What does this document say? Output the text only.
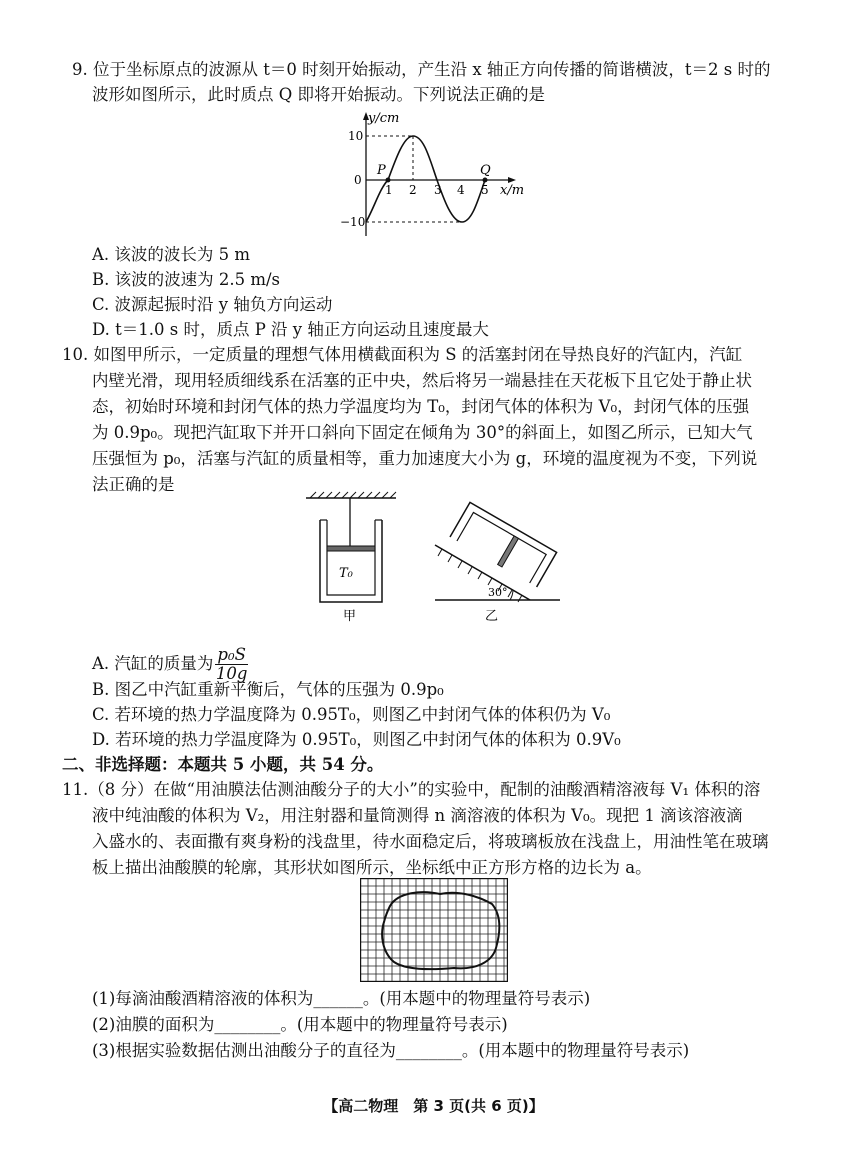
9. 位于坐标原点的波源从 t＝0 时刻开始振动，产生沿 x 轴正方向传播的简谐横波，t＝2 s 时的
波形如图所示，此时质点 Q 即将开始振动。下列说法正确的是
y/cm
x/m
10
0
−10
1 2 3 4 5
P	Q
A. 该波的波长为 5 m
B. 该波的波速为 2.5 m/s
C. 波源起振时沿 y 轴负方向运动
D. t＝1.0 s 时，质点 P 沿 y 轴正方向运动且速度最大
10. 如图甲所示，一定质量的理想气体用横截面积为 S 的活塞封闭在导热良好的汽缸内，汽缸
内壁光滑，现用轻质细线系在活塞的正中央，然后将另一端悬挂在天花板下且它处于静止状
态，初始时环境和封闭气体的热力学温度均为 T₀，封闭气体的体积为 V₀，封闭气体的压强
为 0.9p₀。现把汽缸取下并开口斜向下固定在倾角为 30°的斜面上，如图乙所示，已知大气
压强恒为 p₀，活塞与汽缸的质量相等，重力加速度大小为 g，环境的温度视为不变，下列说
法正确的是
T₀
甲
30°
乙
A. 汽缸的质量为 $\frac{\text{p₀S}}{10g}$
B. 图乙中汽缸重新平衡后，气体的压强为 0.9p₀
C. 若环境的热力学温度降为 0.95T₀，则图乙中封闭气体的体积仍为 V₀
D. 若环境的热力学温度降为 0.95T₀，则图乙中封闭气体的体积为 0.9V₀
二、非选择题：本题共 5 小题，共 54 分。
11.（8 分）在做“用油膜法估测油酸分子的大小”的实验中，配制的油酸酒精溶液每 V₁ 体积的溶
液中纯油酸的体积为 V₂，用注射器和量筒测得 n 滴溶液的体积为 V₀。现把 1 滴该溶液滴
入盛水的、表面撒有爽身粉的浅盘里，待水面稳定后，将玻璃板放在浅盘上，用油性笔在玻璃
板上描出油酸膜的轮廓，其形状如图所示，坐标纸中正方形方格的边长为 a。
(1)每滴油酸酒精溶液的体积为______。(用本题中的物理量符号表示)
(2)油膜的面积为________。(用本题中的物理量符号表示)
(3)根据实验数据估测出油酸分子的直径为________。(用本题中的物理量符号表示)
【高二物理　第 3 页(共 6 页)】
